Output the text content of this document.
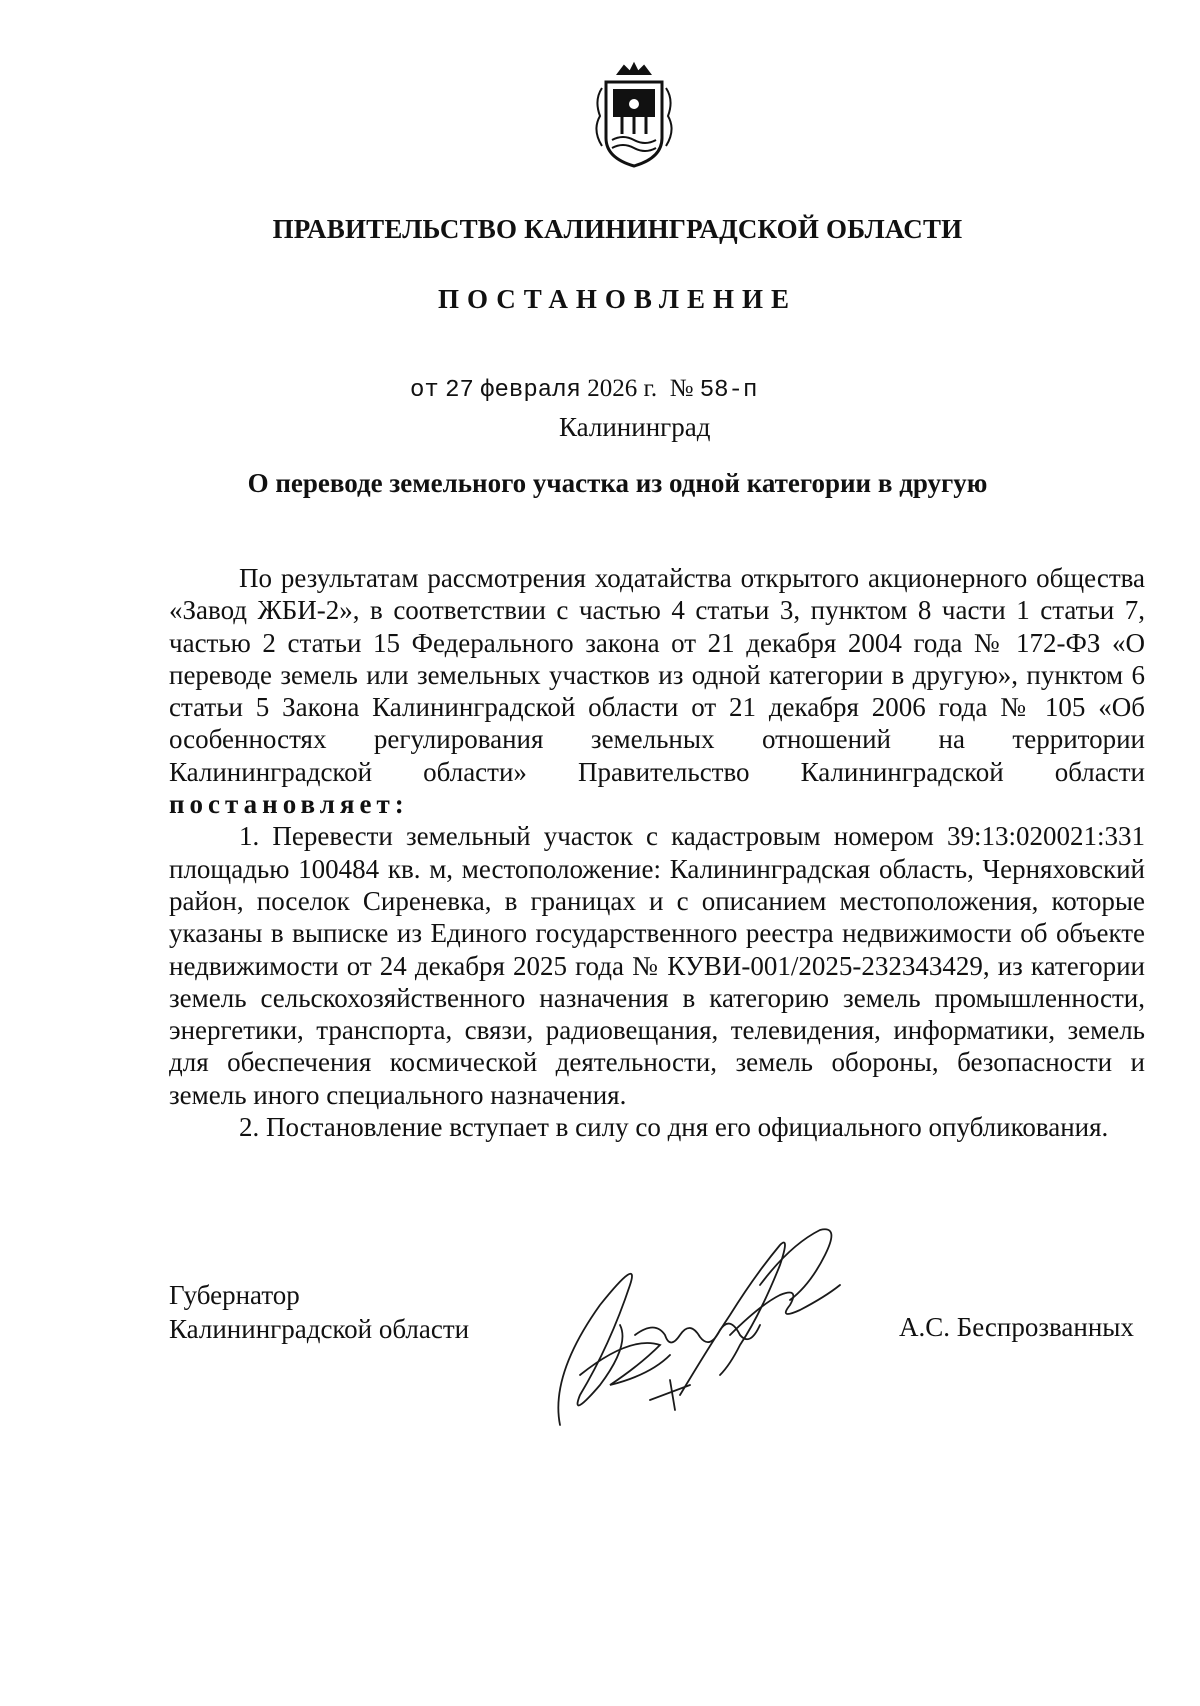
ПРАВИТЕЛЬСТВО КАЛИНИНГРАДСКОЙ ОБЛАСТИ
ПОСТАНОВЛЕНИЕ
от 27 февраля 2026 г. № 58-п
Калининград
О переводе земельного участка из одной категории в другую

По результатам рассмотрения ходатайства открытого акционерного общества «Завод ЖБИ-2», в соответствии с частью 4 статьи 3, пунктом 8 части 1 статьи 7, частью 2 статьи 15 Федерального закона от 21 декабря 2004 года № 172-ФЗ «О переводе земель или земельных участков из одной категории в другую», пунктом 6 статьи 5 Закона Калининградской области от 21 декабря 2006 года № 105 «Об особенностях регулирования земельных отношений на территории Калининградской области» Правительство Калининградской области постановляет:

1. Перевести земельный участок с кадастровым номером 39:13:020021:331 площадью 100484 кв. м, местоположение: Калининградская область, Черняховский район, поселок Сиреневка, в границах и с описанием местоположения, которые указаны в выписке из Единого государственного реестра недвижимости об объекте недвижимости от 24 декабря 2025 года № КУВИ-001/2025-232343429, из категории земель сельскохозяйственного назначения в категорию земель промышленности, энергетики, транспорта, связи, радиовещания, телевидения, информатики, земель для обеспечения космической деятельности, земель обороны, безопасности и земель иного специального назначения.

2. Постановление вступает в силу со дня его официального опубликования.

Губернатор
Калининградской области	А.С. Беспрозванных
